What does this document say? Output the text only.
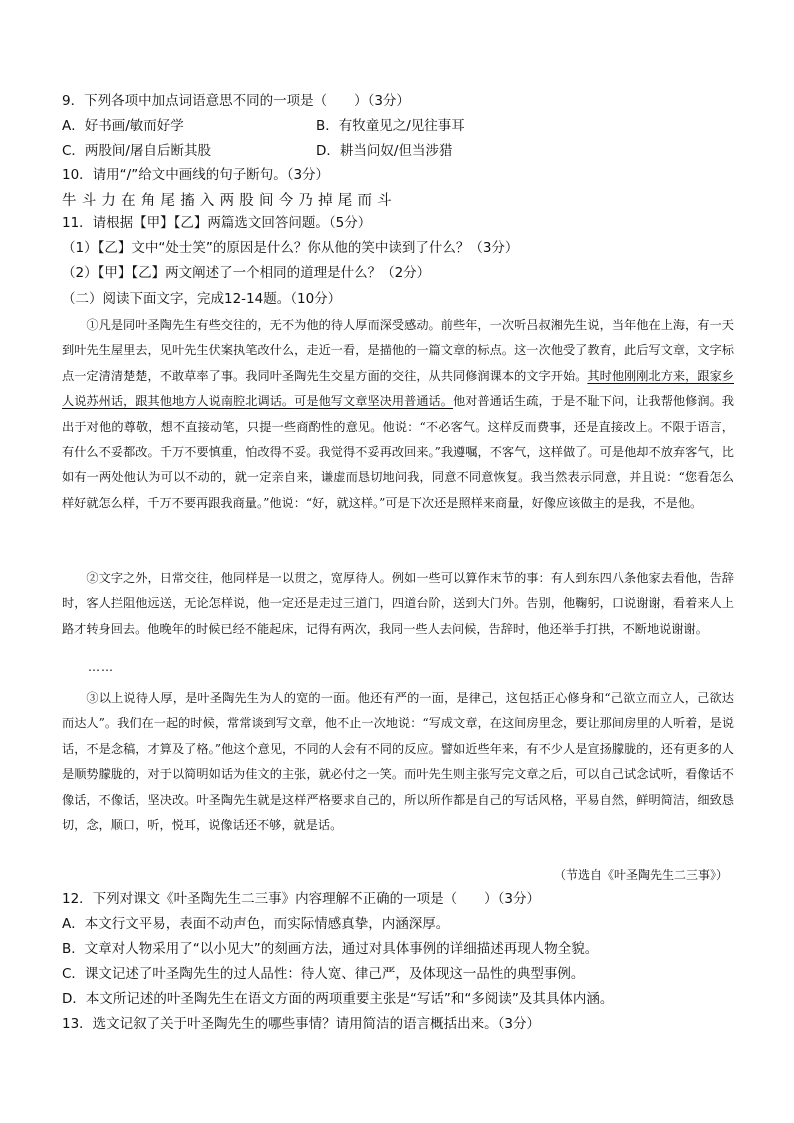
9．下列各项中加点词语意思不同的一项是（　　）（3分）
A．好书画/敏而好学	B．有牧童见之/见往事耳
C．两股间/屠自后断其股	D．耕当问奴/但当涉猎
10．请用“/”给文中画线的句子断句。（3分）
牛斗力在角尾搐入两股间今乃掉尾而斗
11．请根据【甲】【乙】两篇选文回答问题。（5分）
（1）【乙】文中“处士笑”的原因是什么？你从他的笑中读到了什么？（3分）
（2）【甲】【乙】两文阐述了一个相同的道理是什么？（2分）
（二）阅读下面文字，完成12-14题。（10分）

①凡是同叶圣陶先生有些交往的，无不为他的待人厚而深受感动。前些年，一次听吕叔湘先生说，当年他在上海，有一天到叶先生屋里去，见叶先生伏案执笔改什么，走近一看，是描他的一篇文章的标点。这一次他受了教育，此后写文章，文字标点一定清清楚楚，不敢草率了事。我同叶圣陶先生交星方面的交往，从共同修润课本的文字开始。其时他刚刚北方来，跟家乡人说苏州话，跟其他地方人说南腔北调话。可是他写文章坚决用普通话。他对普通话生疏，于是不耻下问，让我帮他修润。我出于对他的尊敬，想不直接动笔，只提一些商酌性的意见。他说：“不必客气。这样反而费事，还是直接改上。不限于语言，有什么不妥都改。千万不要慎重，怕改得不妥。我觉得不妥再改回来。”我遵嘱，不客气，这样做了。可是他却不放弃客气，比如有一两处他认为可以不动的，就一定亲自来，谦虚而恳切地问我，同意不同意恢复。我当然表示同意，并且说：“您看怎么样好就怎么样，千万不要再跟我商量。”他说：“好，就这样。”可是下次还是照样来商量，好像应该做主的是我，不是他。

②文字之外，日常交往，他同样是一以贯之，宽厚待人。例如一些可以算作末节的事：有人到东四八条他家去看他，告辞时，客人拦阻他远送，无论怎样说，他一定还是走过三道门，四道台阶，送到大门外。告别，他鞠躬，口说谢谢，看着来人上路才转身回去。他晚年的时候已经不能起床，记得有两次，我同一些人去问候，告辞时，他还举手打拱，不断地说谢谢。

……

③以上说待人厚，是叶圣陶先生为人的宽的一面。他还有严的一面，是律己，这包括正心修身和“己欲立而立人，己欲达而达人”。我们在一起的时候，常常谈到写文章，他不止一次地说：“写成文章，在这间房里念，要让那间房里的人听着，是说话，不是念稿，才算及了格。”他这个意见，不同的人会有不同的反应。譬如近些年来，有不少人是宣扬朦胧的，还有更多的人是顺势朦胧的，对于以简明如话为佳文的主张，就必付之一笑。而叶先生则主张写完文章之后，可以自己试念试听，看像话不像话，不像话，坚决改。叶圣陶先生就是这样严格要求自己的，所以所作都是自己的写话风格，平易自然，鲜明简洁，细致恳切，念，顺口，听，悦耳，说像话还不够，就是话。

（节选自《叶圣陶先生二三事》）
12．下列对课文《叶圣陶先生二三事》内容理解不正确的一项是（　　）（3分）
A．本文行文平易，表面不动声色，而实际情感真挚，内涵深厚。
B．文章对人物采用了“以小见大”的刻画方法，通过对具体事例的详细描述再现人物全貌。
C．课文记述了叶圣陶先生的过人品性：待人宽、律己严，及体现这一品性的典型事例。
D．本文所记述的叶圣陶先生在语文方面的两项重要主张是“写话”和“多阅读”及其具体内涵。
13．选文记叙了关于叶圣陶先生的哪些事情？请用简洁的语言概括出来。（3分）
